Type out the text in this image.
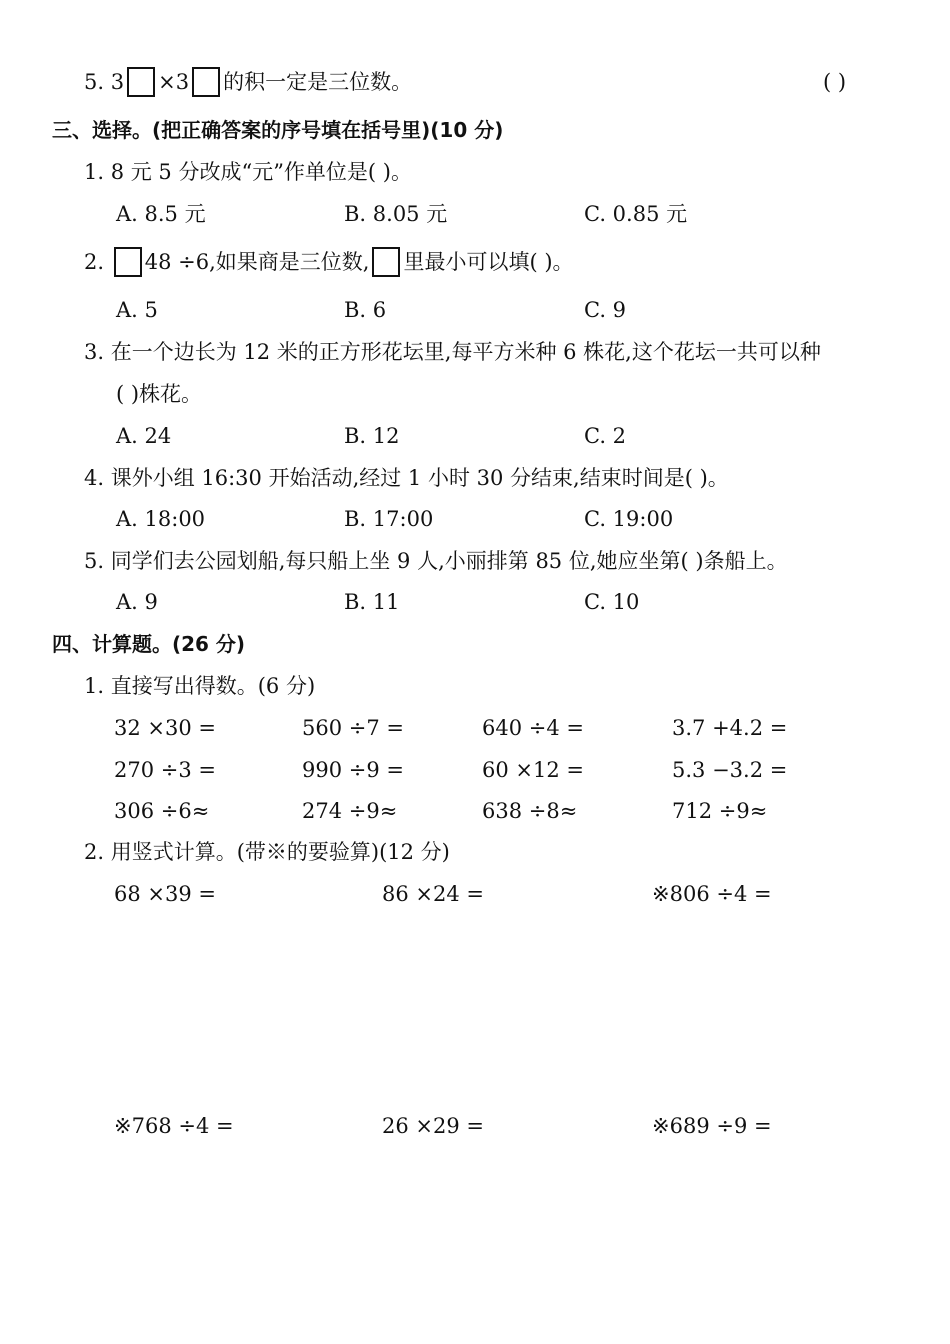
5. 3 ×3 的积一定是三位数。	( )
三、选择。(把正确答案的序号填在括号里)(10 分)
1. 8 元 5 分改成“元”作单位是( )。
A. 8.5 元	B. 8.05 元	C. 0.85 元
2. 48 ÷6,如果商是三位数, 里最小可以填( )。
A. 5	B. 6	C. 9
3. 在一个边长为 12 米的正方形花坛里,每平方米种 6 株花,这个花坛一共可以种
( )株花。
A. 24	B. 12	C. 2
4. 课外小组 16:30 开始活动,经过 1 小时 30 分结束,结束时间是( )。
A. 18:00	B. 17:00	C. 19:00
5. 同学们去公园划船,每只船上坐 9 人,小丽排第 85 位,她应坐第( )条船上。
A. 9	B. 11	C. 10
四、计算题。(26 分)
1. 直接写出得数。(6 分)
32 ×30 =	560 ÷7 =	640 ÷4 =	3.7 +4.2 =
270 ÷3 =	990 ÷9 =	60 ×12 =	5.3 −3.2 =
306 ÷6≈	274 ÷9≈	638 ÷8≈	712 ÷9≈
2. 用竖式计算。(带※的要验算)(12 分)
68 ×39 =	86 ×24 =	※806 ÷4 =
※768 ÷4 =	26 ×29 =	※689 ÷9 =
